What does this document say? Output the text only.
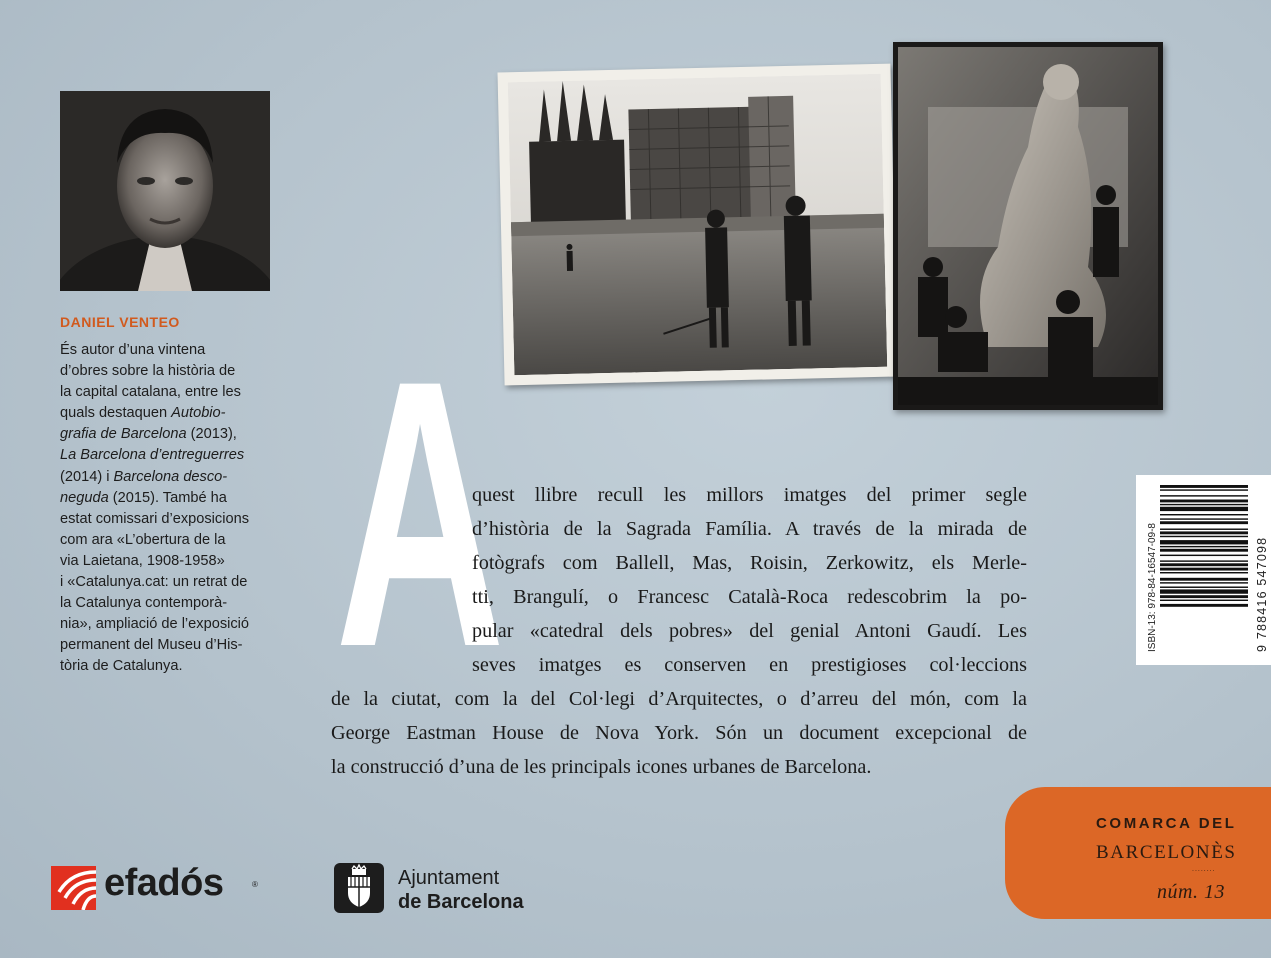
DANIEL VENTEO
És autor d’una vintena
d’obres sobre la història de
la capital catalana, entre les
quals destaquen Autobio-
grafia de Barcelona (2013),
La Barcelona d’entreguerres
(2014) i Barcelona desco-
neguda (2015). També ha
estat comissari d’exposicions
com ara «L’obertura de la
via Laietana, 1908-1958»
i «Catalunya.cat: un retrat de
la Catalunya contemporà-
nia», ampliació de l’exposició
permanent del Museu d’His-
tòria de Catalunya. A
quest llibre recull les millors imatges del primer segle
d’història de la Sagrada Família. A través de la mirada de
fotògrafs com Ballell, Mas, Roisin, Zerkowitz, els Merle-
tti, Brangulí, o Francesc Català-Roca redescobrim la po-
pular «catedral dels pobres» del genial Antoni Gaudí. Les
seves imatges es conserven en prestigioses col·leccions
de la ciutat, com la del Col·legi d’Arquitectes, o d’arreu del món, com la
George Eastman House de Nova York. Són un document excepcional de
la construcció d’una de les principals icones urbanes de Barcelona.
ISBN-13: 978-84-16547-09-8	9 788416 547098
COMARCA DEL
BARCELONÈS
........
núm. 13
efadós	®	Ajuntament
de Barcelona
